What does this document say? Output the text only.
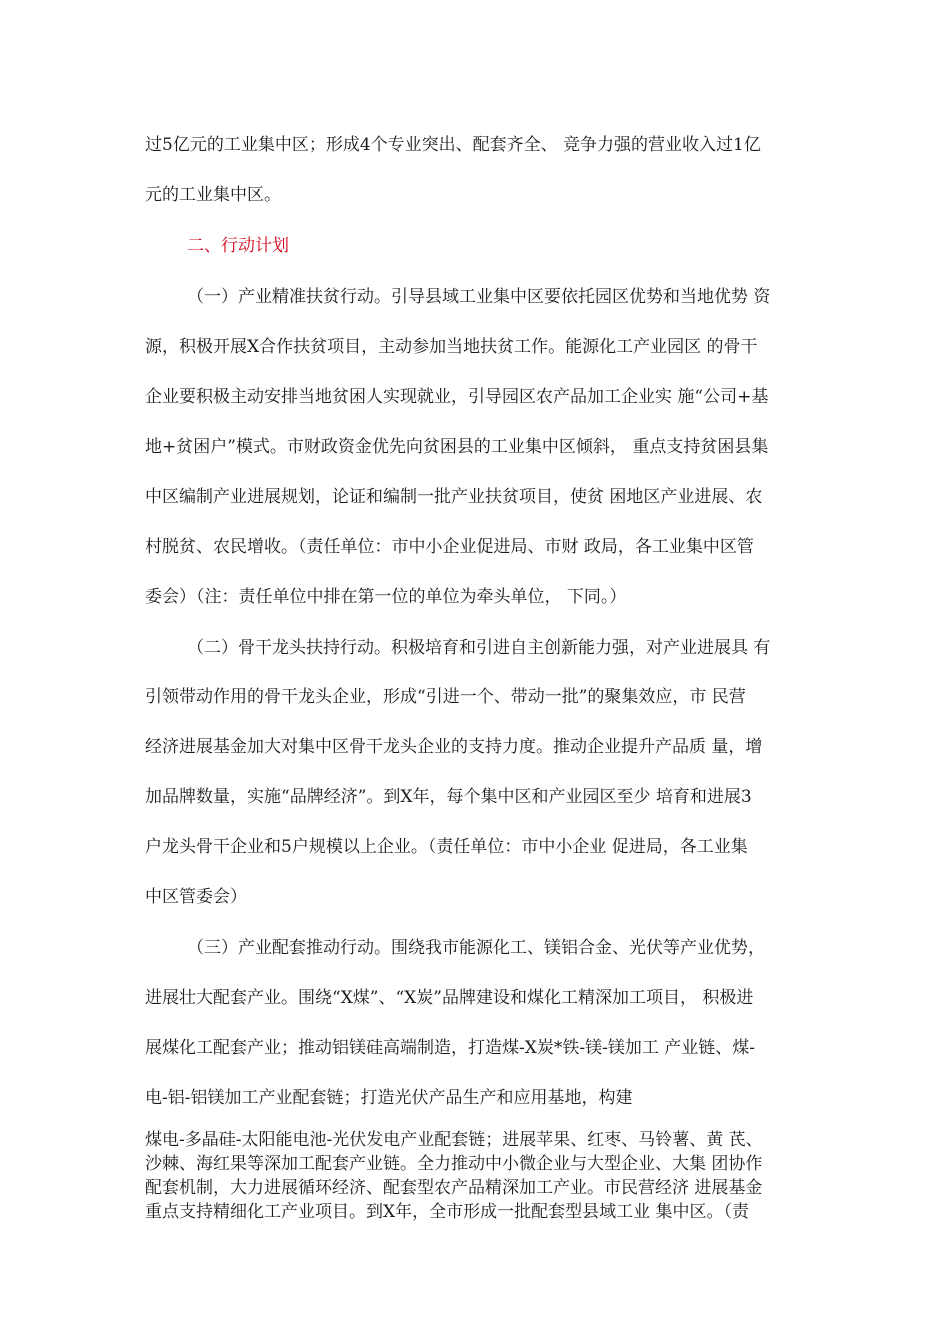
过5亿元的工业集中区；形成4个专业突出、配套齐全、 竞争力强的营业收入过1亿
元的工业集中区。
二、行动计划
（一）产业精准扶贫行动。引导县域工业集中区要依托园区优势和当地优势 资
源，积极开展X合作扶贫项目，主动参加当地扶贫工作。能源化工产业园区 的骨干
企业要积极主动安排当地贫困人实现就业，引导园区农产品加工企业实 施“公司+基
地+贫困户”模式。市财政资金优先向贫困县的工业集中区倾斜， 重点支持贫困县集
中区编制产业进展规划，论证和编制一批产业扶贫项目，使贫 困地区产业进展、农
村脱贫、农民增收。（责任单位：市中小企业促进局、市财 政局，各工业集中区管
委会）（注：责任单位中排在第一位的单位为牵头单位， 下同。）
（二）骨干龙头扶持行动。积极培育和引进自主创新能力强，对产业进展具 有
引领带动作用的骨干龙头企业，形成“引进一个、带动一批”的聚集效应，市 民营
经济进展基金加大对集中区骨干龙头企业的支持力度。推动企业提升产品质 量，增
加品牌数量，实施“品牌经济”。到X年，每个集中区和产业园区至少 培育和进展3
户龙头骨干企业和5户规模以上企业。（责任单位：市中小企业 促进局，各工业集
中区管委会）
（三）产业配套推动行动。围绕我市能源化工、镁铝合金、光伏等产业优势，
进展壮大配套产业。围绕“X煤”、“X炭”品牌建设和煤化工精深加工项目， 积极进
展煤化工配套产业；推动铝镁硅高端制造，打造煤-X炭*铁-镁-镁加工 产业链、煤-
电-铝-铝镁加工产业配套链；打造光伏产品生产和应用基地，构建
煤电-多晶硅-太阳能电池-光伏发电产业配套链；进展苹果、红枣、马铃薯、黄 芪、
沙棘、海红果等深加工配套产业链。全力推动中小微企业与大型企业、大集 团协作
配套机制，大力进展循环经济、配套型农产品精深加工产业。市民营经济 进展基金
重点支持精细化工产业项目。到X年，全市形成一批配套型县域工业 集中区。（责
